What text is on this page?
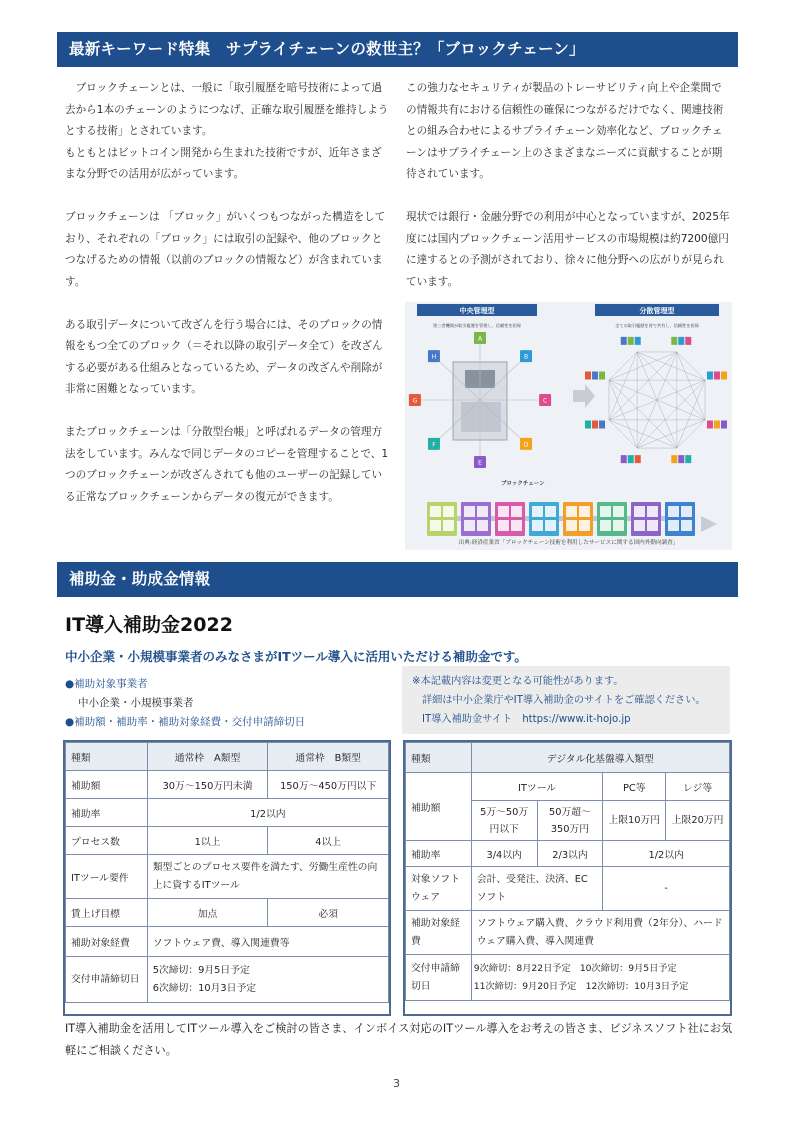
最新キーワード特集　サプライチェーンの救世主？「ブロックチェーン」

　ブロックチェーンとは、一般に「取引履歴を暗号技術によって過去から1本のチェーンのようにつなげ、正確な取引履歴を維持しようとする技術」とされています。

もともとはビットコイン開発から生まれた技術ですが、近年さまざまな分野での活用が広がっています。

ブロックチェーンは 「ブロック」がいくつもつながった構造をしており、それぞれの「ブロック」には取引の記録や、他のブロックとつなげるための情報（以前のブロックの情報など）が含まれています。

ある取引データについて改ざんを行う場合には、そのブロックの情報をもつ全てのブロック（＝それ以降の取引データ全て）を改ざんする必要がある仕組みとなっているため、データの改ざんや削除が非常に困難となっています。

またブロックチェーンは「分散型台帳」と呼ばれるデータの管理方法をしています。みんなで同じデータのコピーを管理することで、1つのブロックチェーンが改ざんされても他のユーザーの記録している正常なブロックチェーンからデータの復元ができます。

この強力なセキュリティが製品のトレーサビリティ向上や企業間での情報共有における信頼性の確保につながるだけでなく、関連技術との組み合わせによるサプライチェーン効率化など、ブロックチェーンはサプライチェーン上のさまざまなニーズに貢献することが期待されています。

現状では銀行・金融分野での利用が中心となっていますが、2025年度には国内ブロックチェーン活用サービスの市場規模は約7200億円に達するとの予測がされており、徐々に他分野への広がりが見られています。

中央管理型
第三者機関が取引履歴を管理し、信頼性を担保
分散管理型
全ての取引履歴を皆で共有し、信頼性を担保
A
B
C
D
E
F
G
H
ブロックチェーン
出典:経済産業省「ブロックチェーン技術を利用したサービスに関する国内外動向調査」
補助金・助成金情報
IT導入補助金2022
中小企業・小規模事業者のみなさまがITツール導入に活用いただける補助金です。
●補助対象事業者
中小企業・小規模事業者
●補助額・補助率・補助対象経費・交付申請締切日
※本記載内容は変更となる可能性があります。
詳細は中小企業庁やIT導入補助金のサイトをご確認ください。
IT導入補助金サイト　https://www.it-hojo.jp
種類	通常枠　A類型	通常枠　B類型
補助額	30万～150万円未満	150万～450万円以下
補助率	1/2以内	
プロセス数	1以上	4以上
ITツール要件	類型ごとのプロセス要件を満たす、労働生産性の向上に資するITツール	
賃上げ目標	加点	必須
補助対象経費	ソフトウェア費、導入関連費等	
交付申請締切日	5次締切：9月5日予定
6次締切：10月3日予定	
種類	デジタル化基盤導入類型			
補助額	ITツール		PC等	レジ等
	5万～50万円以下	50万超～350万円	上限10万円	上限20万円
補助率	3/4以内	2/3以内	1/2以内	
対象ソフトウェア	会計、受発注、決済、ECソフト		-	
補助対象経費	ソフトウェア購入費、クラウド利用費（2年分）、ハードウェア購入費、導入関連費			
交付申請締切日	9次締切：8月22日予定　10次締切：9月5日予定
11次締切：9月20日予定　12次締切：10月3日予定			
IT導入補助金を活用してITツール導入をご検討の皆さま、インボイス対応のITツール導入をお考えの皆さま、ビジネスソフト社にお気軽にご相談ください。
3
